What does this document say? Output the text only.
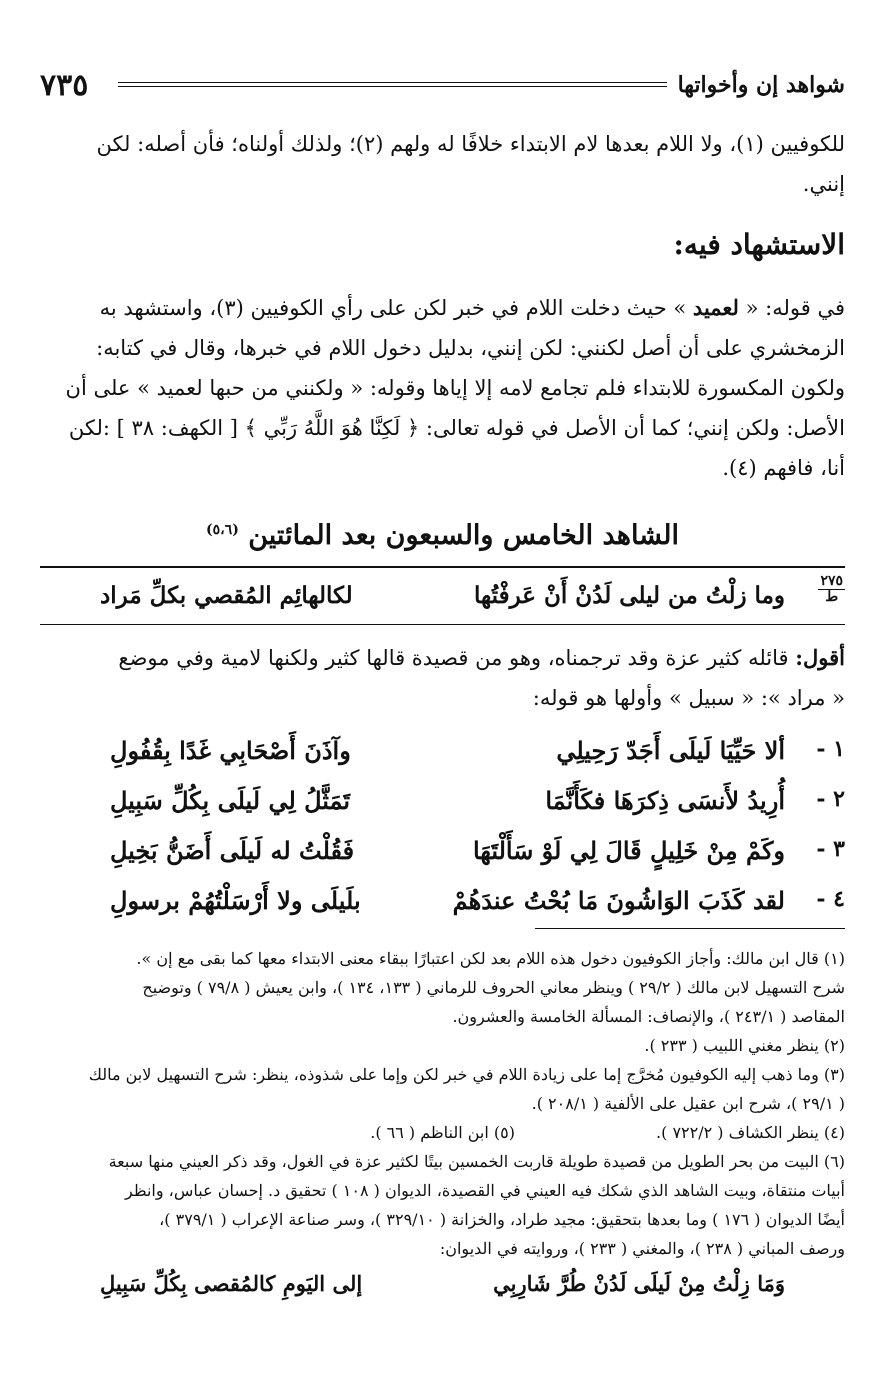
شواهد إن وأخواتها
٧٣٥
للكوفيين (١)، ولا اللام بعدها لام الابتداء خلافًا له ولهم (٢)؛ ولذلك أولناه؛ فأن أصله: لكن
إنني.
الاستشهاد فيه:
في قوله: « لعميد » حيث دخلت اللام في خبر لكن على رأي الكوفيين (٣)، واستشهد به
الزمخشري على أن أصل لكنني: لكن إنني، بدليل دخول اللام في خبرها، وقال في كتابه:
ولكون المكسورة للابتداء فلم تجامع لامه إلا إياها وقوله: « ولكنني من حبها لعميد » على أن
الأصل: ولكن إنني؛ كما أن الأصل في قوله تعالى: ﴿ لَكِنَّا هُوَ اللَّهُ رَبِّي ﴾ [ الكهف: ٣٨ ] :لكن
أنا، فافهم (٤).
الشاهد الخامس والسبعون بعد المائتين $^{(٥،٦)}$
٢٧٥
ط
وما زلْتُ من ليلى لَدُنْ أَنْ عَرفْتُها
لكالهائِم المُقصي بكلِّ مَراد
أقول: قائله كثير عزة وقد ترجمناه، وهو من قصيدة قالها كثير ولكنها لامية وفي موضع
« مراد »: « سبيل » وأولها هو قوله:
١ -
ألا حَيِّيَا لَيلَى أَجَدّ رَحِيلِي
وآذَنَ أَصْحَابِي غَدًا بِقُفُولِ
٢ -
أُرِيدُ لأَنسَى ذِكرَهَا فكَأَنَّمَا
تَمَثَّلُ لِي لَيلَى بِكُلِّ سَبِيلِ
٣ -
وكَمْ مِنْ خَلِيلٍ قَالَ لِي لَوْ سَأَلْتَهَا
فَقُلْتُ له لَيلَى أَضَنُّ بَخِيلِ
٤ -
لقد كَذَبَ الوَاشُونَ مَا بُحْتُ عندَهُمْ
بلَيلَى ولا أَرْسَلْتُهُمْ برسولِ

(١) قال ابن مالك: وأجاز الكوفيون دخول هذه اللام بعد لكن اعتبارًا ببقاء معنى الابتداء معها كما بقى مع إن ».

شرح التسهيل لابن مالك ( ٢٩/٢ ) وينظر معاني الحروف للرماني ( ١٣٣، ١٣٤ )، وابن يعيش ( ٧٩/٨ ) وتوضيح

المقاصد ( ٢٤٣/١ )، والإنصاف: المسألة الخامسة والعشرون.

(٢) ينظر مغني اللبيب ( ٢٣٣ ).

(٣) وما ذهب إليه الكوفيون مُخرَّج إما على زيادة اللام في خبر لكن وإما على شذوذه، ينظر: شرح التسهيل لابن مالك

( ٢٩/١ )، شرح ابن عقيل على الألفية ( ٢٠٨/١ ).

(٤) ينظر الكشاف ( ٧٢٢/٢ ).
(٥) ابن الناظم ( ٦٦ ).

(٦) البيت من بحر الطويل من قصيدة طويلة قاربت الخمسين بيتًا لكثير عزة في الغول، وقد ذكر العيني منها سبعة

أبيات منتقاة، وبيت الشاهد الذي شكك فيه العيني في القصيدة، الديوان ( ١٠٨ ) تحقيق د. إحسان عباس، وانظر

أيضًا الديوان ( ١٧٦ ) وما بعدها بتحقيق: مجيد طراد، والخزانة ( ٣٢٩/١٠ )، وسر صناعة الإعراب ( ٣٧٩/١ )،

ورصف المباني ( ٢٣٨ )، والمغني ( ٢٣٣ )، وروايته في الديوان:

وَمَا زِلْتُ مِنْ لَيلَى لَدُنْ طُرَّ شَارِبِي
إلى اليَومِ كالمُقصى بِكُلِّ سَبِيلِ
